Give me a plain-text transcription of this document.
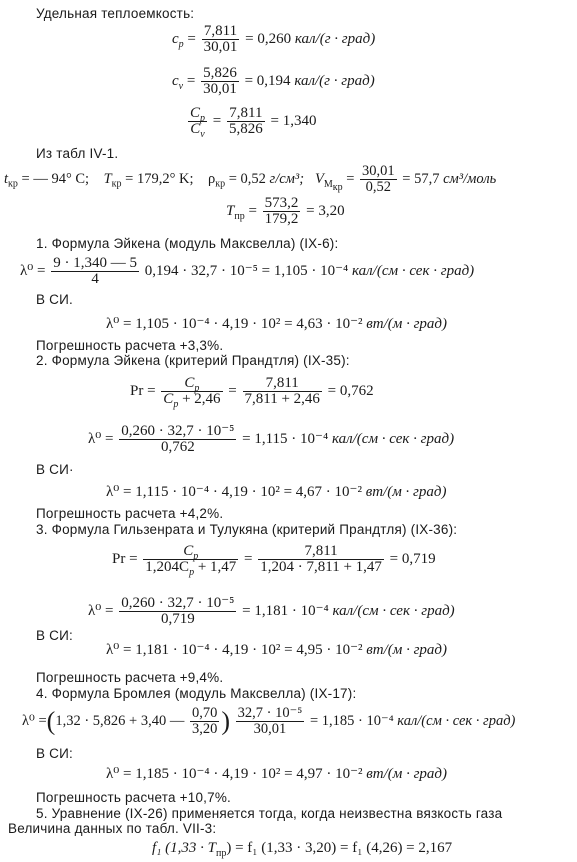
Удельная теплоемкость:
$c_p = \frac{7,811}{30,01} = 0,260$ кал/(г · град)
$c_v = \frac{5,826}{30,01} = 0,194$ кал/(г · град)
$\frac{C_p}{C_v} = \frac{7,811}{5,826} = 1,340$
Из табл IV-1.
$t_{кр}$ = — 94° C; $T_{кр} = 179,2^\circ$ K; $\rho_{кр} = 0,52$ г/см³; $V_{M_{кр}} = \frac{30,01}{0,52} = 57,7$ см³/моль
$T_{пр} = \frac{573,2}{179,2} = 3,20$
1. Формула Эйкена (модуль Максвелла) (IX-6):
$\lambda^0 = \frac{9 \cdot 1,340 — 5}{4} 0,194 \cdot 32,7 \cdot 10^{-5} = 1,105 \cdot 10^{-4}$ кал/(см · сек · град)
В СИ.
λ⁰ = 1,105 · 10⁻⁴ · 4,19 · 10² = 4,63 · 10⁻² вт/(м · град)
Погрешность расчета +3,3%.
2. Формула Эйкена (критерий Прандтля) (IX-35):
$Pr = \frac{C_p}{C_p + 2,46} = \frac{7,811}{7,811 + 2,46} = 0,762$
$\lambda^0 = \frac{\text{0,260 · 32,7 · 10⁻⁵}}{0,762} = 1,115 \cdot 10^{-4}$ кал/(см · сек · град)
В СИ·
λ⁰ = 1,115 · 10⁻⁴ · 4,19 · 10² = 4,67 · 10⁻² вт/(м · град)
Погрешность расчета +4,2%.
3. Формула Гильзенрата и Тулукяна (критерий Прандтля) (IX-36):
$Pr = \frac{C_p}{1,204C_p + 1,47} = \frac{7,811}{1,204 \cdot 7,811 + 1,47} = 0,719$
$\lambda^0 = \frac{\text{0,260 · 32,7 · 10⁻⁵}}{0,719} = 1,181 \cdot 10^{-4}$ кал/(см · сек · град)
В СИ:
λ⁰ = 1,181 · 10⁻⁴ · 4,19 · 10² = 4,95 · 10⁻² вт/(м · град)
Погрешность расчета +9,4%.
4. Формула Бромлея (модуль Максвелла) (IX-17):
λ⁰ =(1,32 · 5,826 + 3,40 — $\frac{0,70}{3,20}$ ) $\frac{\text{32,7 · 10⁻⁵}}{30,01} = 1,185 \cdot 10^{-4}$ кал/(см · сек · град)
В СИ:
λ⁰ = 1,185 · 10⁻⁴ · 4,19 · 10² = 4,97 · 10⁻² вт/(м · град)
Погрешность расчета +10,7%.
5. Уравнение (IX-26) применяется тогда, когда неизвестна вязкость газа
Величина данных по табл. VII-3:
f₁ $(1,33 \cdot T_{пр}) = f_1$ (1,33 · 3,20) = f₁ (4,26) = 2,167
